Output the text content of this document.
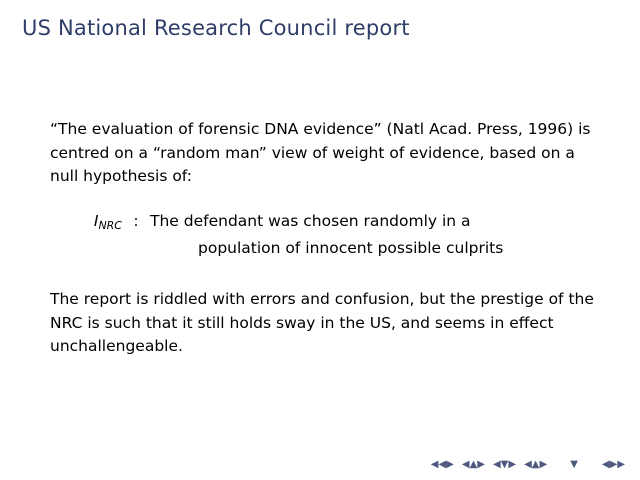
US National Research Council report
“The evaluation of forensic DNA evidence” (Natl Acad. Press, 1996) is centred on a “random man” view of weight of evidence, based on a null hypothesis of:
INRC : The defendant was chosen randomly in a
population of innocent possible culprits
The report is riddled with errors and confusion, but the prestige of the NRC is such that it still holds sway in the US, and seems in effect unchallengeable.
◀ ◀ ▶ ◀ ▲ ▶ ◀ ▼ ▶ ◀ ▲ ▶ ▼ ◀ ▶ ▶
